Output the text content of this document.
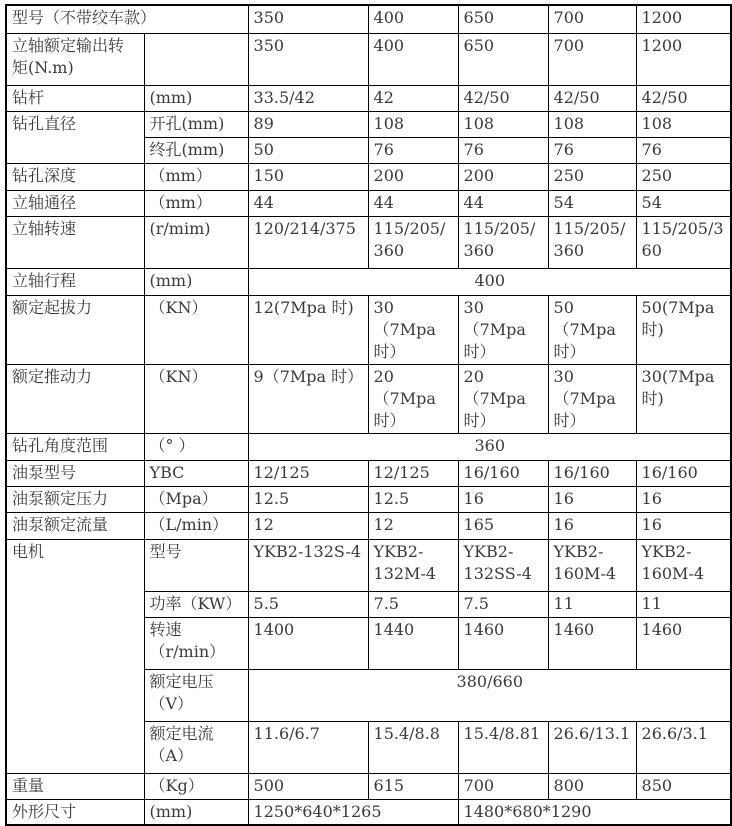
型号（不带绞车款）		350	400	650	700	1200
立轴额定输出转矩(N.m)		350	400	650	700	1200
钻杆	(mm)	33.5/42	42	42/50	42/50	42/50
钻孔直径	开孔(mm)	89	108	108	108	108
	终孔(mm)	50	76	76	76	76
钻孔深度	（mm）	150	200	200	250	250
立轴通径	（mm）	44	44	44	54	54
立轴转速	(r/mim)	120/214/375	115/205/360	115/205/360	115/205/360	115/205/360
立轴行程	(mm)	400				
额定起拔力	（KN）	12(7Mpa 时)	30（7Mpa 时）	30（7Mpa 时）	50（7Mpa 时）	50(7Mpa 时)
额定推动力	（KN）	9（7Mpa 时）	20（7Mpa 时）	20（7Mpa 时）	30（7Mpa 时）	30(7Mpa 时)
钻孔角度范围	（° ）	360				
油泵型号	YBC	12/125	12/125	16/160	16/160	16/160
油泵额定压力	（Mpa）	12.5	12.5	16	16	16
油泵额定流量	（L/min）	12	12	165	16	16
电机	型号	YKB2-132S-4	YKB2-132M-4	YKB2-132SS-4	YKB2-160M-4	YKB2-160M-4
	功率（KW）	5.5	7.5	7.5	11	11
	转速（r/min）	1400	1440	1460	1460	1460
	额定电压（V）	380/660				
	额定电流（A）	11.6/6.7	15.4/8.8	15.4/8.81	26.6/13.1	26.6/3.1
重量	（Kg）	500	615	700	800	850
外形尺寸	(mm)	1250*640*1265		1480*680*1290		
